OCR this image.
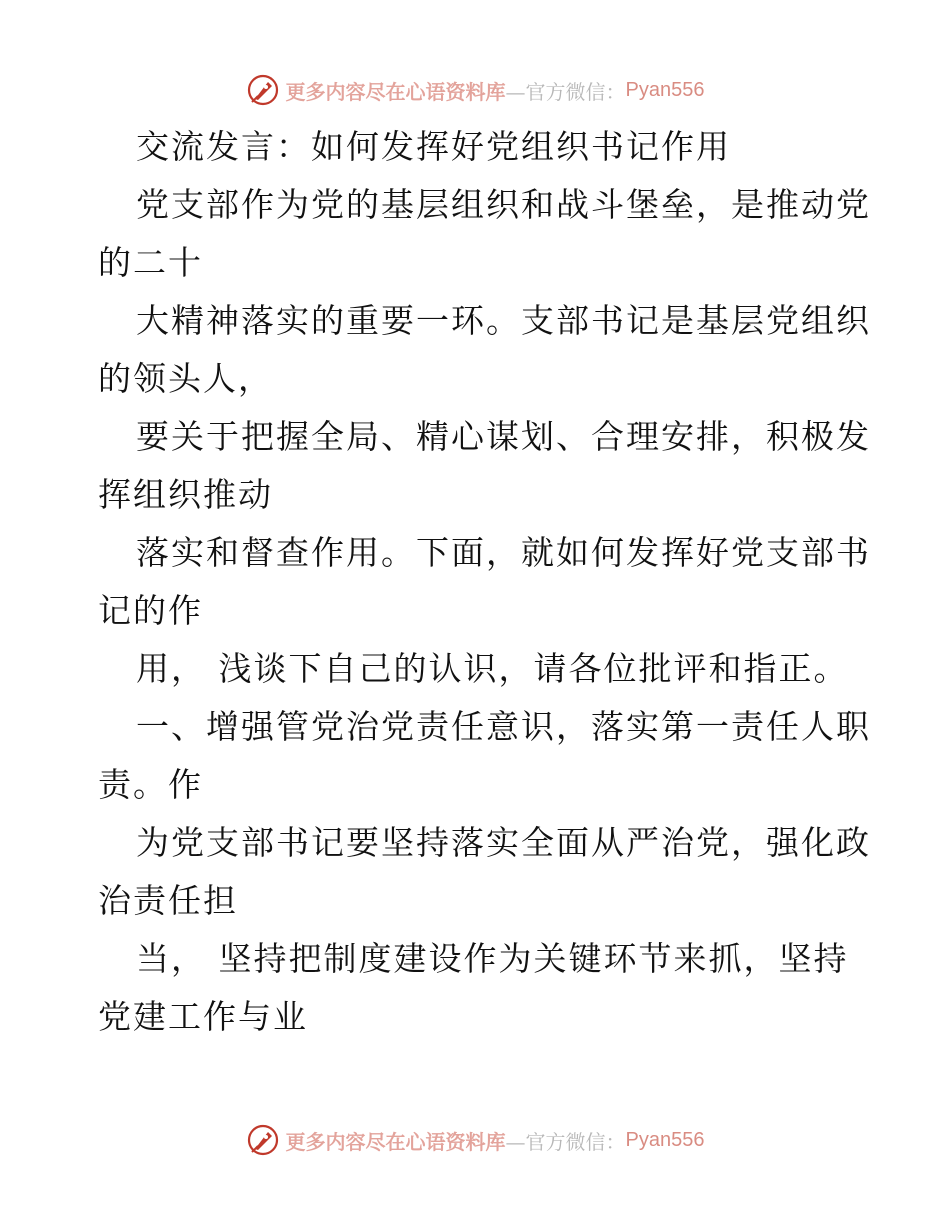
更多内容尽在心语资料库 —官方微信： Pyan556
交流发言：如何发挥好党组织书记作用
党支部作为党的基层组织和战斗堡垒，是推动党
的二十
大精神落实的重要一环。支部书记是基层党组织
的领头人，
要关于把握全局、精心谋划、合理安排，积极发
挥组织推动
落实和督查作用。下面，就如何发挥好党支部书
记的作
用， 浅谈下自己的认识，请各位批评和指正。
一、增强管党治党责任意识，落实第一责任人职
责。作
为党支部书记要坚持落实全面从严治党，强化政
治责任担
当， 坚持把制度建设作为关键环节来抓，坚持
党建工作与业
更多内容尽在心语资料库 —官方微信： Pyan556
